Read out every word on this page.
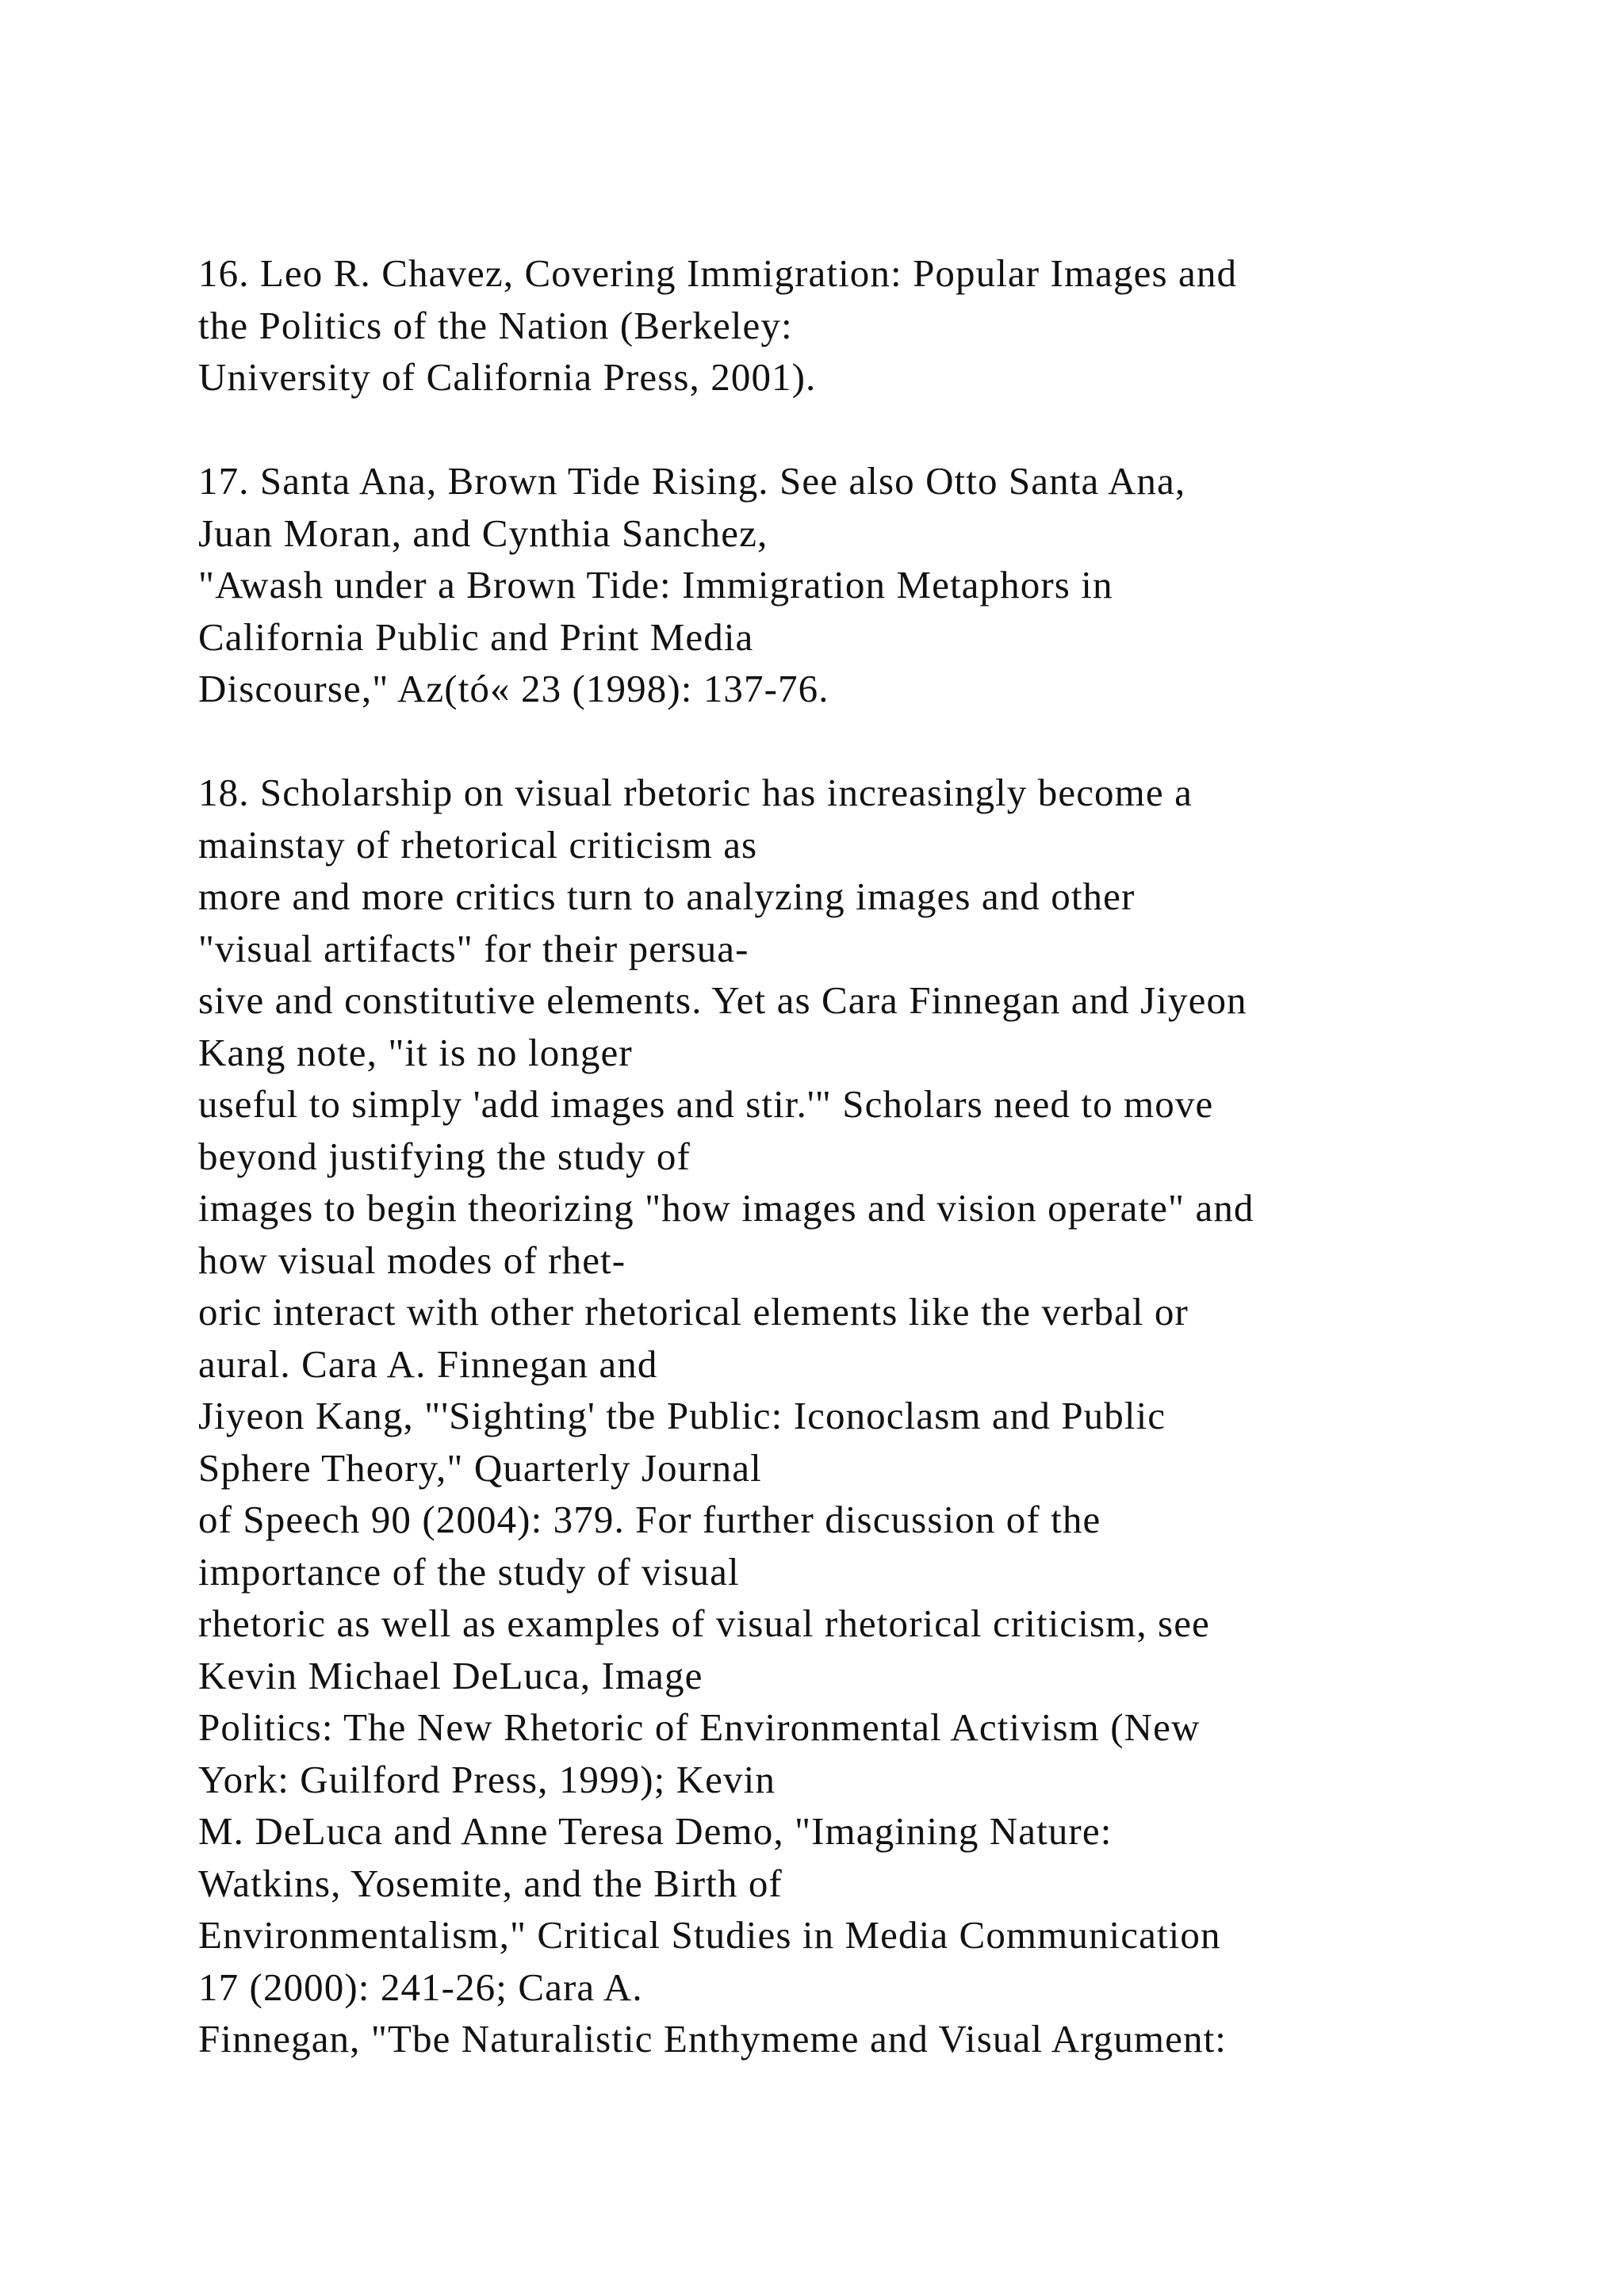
16. Leo R. Chavez, Covering Immigration: Popular Images and
the Politics of the Nation (Berkeley:
University of California Press, 2001).
17. Santa Ana, Brown Tide Rising. See also Otto Santa Ana,
Juan Moran, and Cynthia Sanchez,
"Awash under a Brown Tide: Immigration Metaphors in
California Public and Print Media
Discourse," Az(tó« 23 (1998): 137-76.
18. Scholarship on visual rbetoric has increasingly become a
mainstay of rhetorical criticism as
more and more critics turn to analyzing images and other
"visual artifacts" for their persua-
sive and constitutive elements. Yet as Cara Finnegan and Jiyeon
Kang note, "it is no longer
useful to simply 'add images and stir.'" Scholars need to move
beyond justifying the study of
images to begin theorizing "how images and vision operate" and
how visual modes of rhet-
oric interact with other rhetorical elements like the verbal or
aural. Cara A. Finnegan and
Jiyeon Kang, "'Sighting' tbe Public: Iconoclasm and Public
Sphere Theory," Quarterly Journal
of Speech 90 (2004): 379. For further discussion of the
importance of the study of visual
rhetoric as well as examples of visual rhetorical criticism, see
Kevin Michael DeLuca, Image
Politics: The New Rhetoric of Environmental Activism (New
York: Guilford Press, 1999); Kevin
M. DeLuca and Anne Teresa Demo, "Imagining Nature:
Watkins, Yosemite, and the Birth of
Environmentalism," Critical Studies in Media Communication
17 (2000): 241-26; Cara A.
Finnegan, "Tbe Naturalistic Enthymeme and Visual Argument:
